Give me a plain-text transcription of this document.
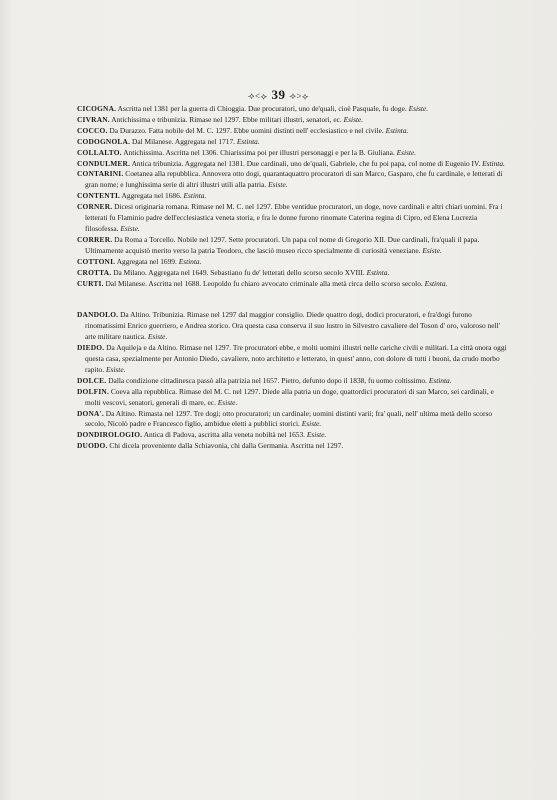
⟢<⟣ 39 ⟢>⟣
CICOGNA. Ascritta nel 1381 per la guerra di Chioggia. Due procuratori, uno de'quali, cioè Pasquale, fu doge. Esiste.
CIVRAN. Antichissima e tribunizia. Rimase nel 1297. Ebbe militari illustri, senatori, ec. Esiste.
COCCO. Da Durazzo. Fatta nobile del M. C. 1297. Ebbe uomini distinti nell' ecclesiastico e nel civile. Estinta.
CODOGNOLA. Dal Milanese. Aggregata nel 1717. Estinta.
COLLALTO. Antichissima. Ascritta nel 1306. Chiarissima poi per illustri personaggi e per la B. Giuliana. Esiste.
CONDULMER. Antica tribunizia. Aggregata nel 1381. Due cardinali, uno de'quali, Gabriele, che fu poi papa, col nome di Eugenio IV. Estinta.
CONTARINI. Coetanea alla repubblica. Annovera otto dogi, quarantaquattro procuratori di san Marco, Gasparo, che fu cardinale, e letterati di gran nome; e lunghissima serie di altri illustri utili alla patria. Esiste.
CONTENTI. Aggregata nel 1686. Estinta.
CORNER. Dicesi originaria romana. Rimase nel M. C. nel 1297. Ebbe ventidue procuratori, un doge, nove cardinali e altri chiari uomini. Fra i letterati fu Flaminio padre dell'ecclesiastica veneta storia, e fra le donne furono rinomate Caterina regina di Cipro, ed Elena Lucrezia filosofessa. Esiste.
CORRER. Da Roma a Torcello. Nobile nel 1297. Sette procuratori. Un papa col nome di Gregorio XII. Due cardinali, fra'quali il papa. Ultimamente acquistò merito verso la patria Teodoro, che lasciò museo ricco specialmente di curiosità veneziane. Esiste.
COTTONI. Aggregata nel 1699. Estinta.
CROTTA. Da Milano. Aggregata nel 1649. Sebastiano fu de' letterati dello scorso secolo XVIII. Estinta.
CURTI. Dal Milanese. Ascritta nel 1688. Leopoldo fu chiaro avvocato criminale alla metà circa dello scorso secolo. Estinta.
DANDOLO. Da Altino. Tribunizia. Rimase nel 1297 dal maggior consiglio. Diede quattro dogi, dodici procuratori, e fra'dogi furono rinomatissimi Enrico guerriero, e Andrea storico. Ora questa casa conserva il suo lustro in Silvestro cavaliere del Toson d' oro, valoroso nell' arte militare nautica. Esiste.
DIEDO. Da Aquileja e da Altino. Rimase nel 1297. Tre procuratori ebbe, e molti uomini illustri nelle cariche civili e militari. La città onora oggi questa casa, spezialmente per Antonio Diedo, cavaliere, noto architetto e letterato, in quest' anno, con dolore di tutti i buoni, da crudo morbo rapito. Esiste.
DOLCE. Dalla condizione cittadinesca passò alla patrizia nel 1657. Pietro, defunto dopo il 1838, fu uomo coltissimo. Estinta.
DOLFIN. Coeva alla repubblica. Rimase del M. C. nel 1297. Diede alla patria un doge, quattordici procuratori di san Marco, sei cardinali, e molti vescovi, senatori, generali di mare, ec. Esiste.
DONA'. Da Altino. Rimasta nel 1297. Tre dogi; otto procuratori; un cardinale; uomini distinti varii; fra' quali, nell' ultima metà dello scorso secolo, Nicolò padre e Francesco figlio, ambidue eletti a pubblici storici. Esiste.
DONDIROLOGIO. Antica di Padova, ascritta alla veneta nobiltà nel 1653. Esiste.
DUODO. Chi dicela proveniente dalla Schiavonia, chi dalla Germania. Ascritta nel 1297.
